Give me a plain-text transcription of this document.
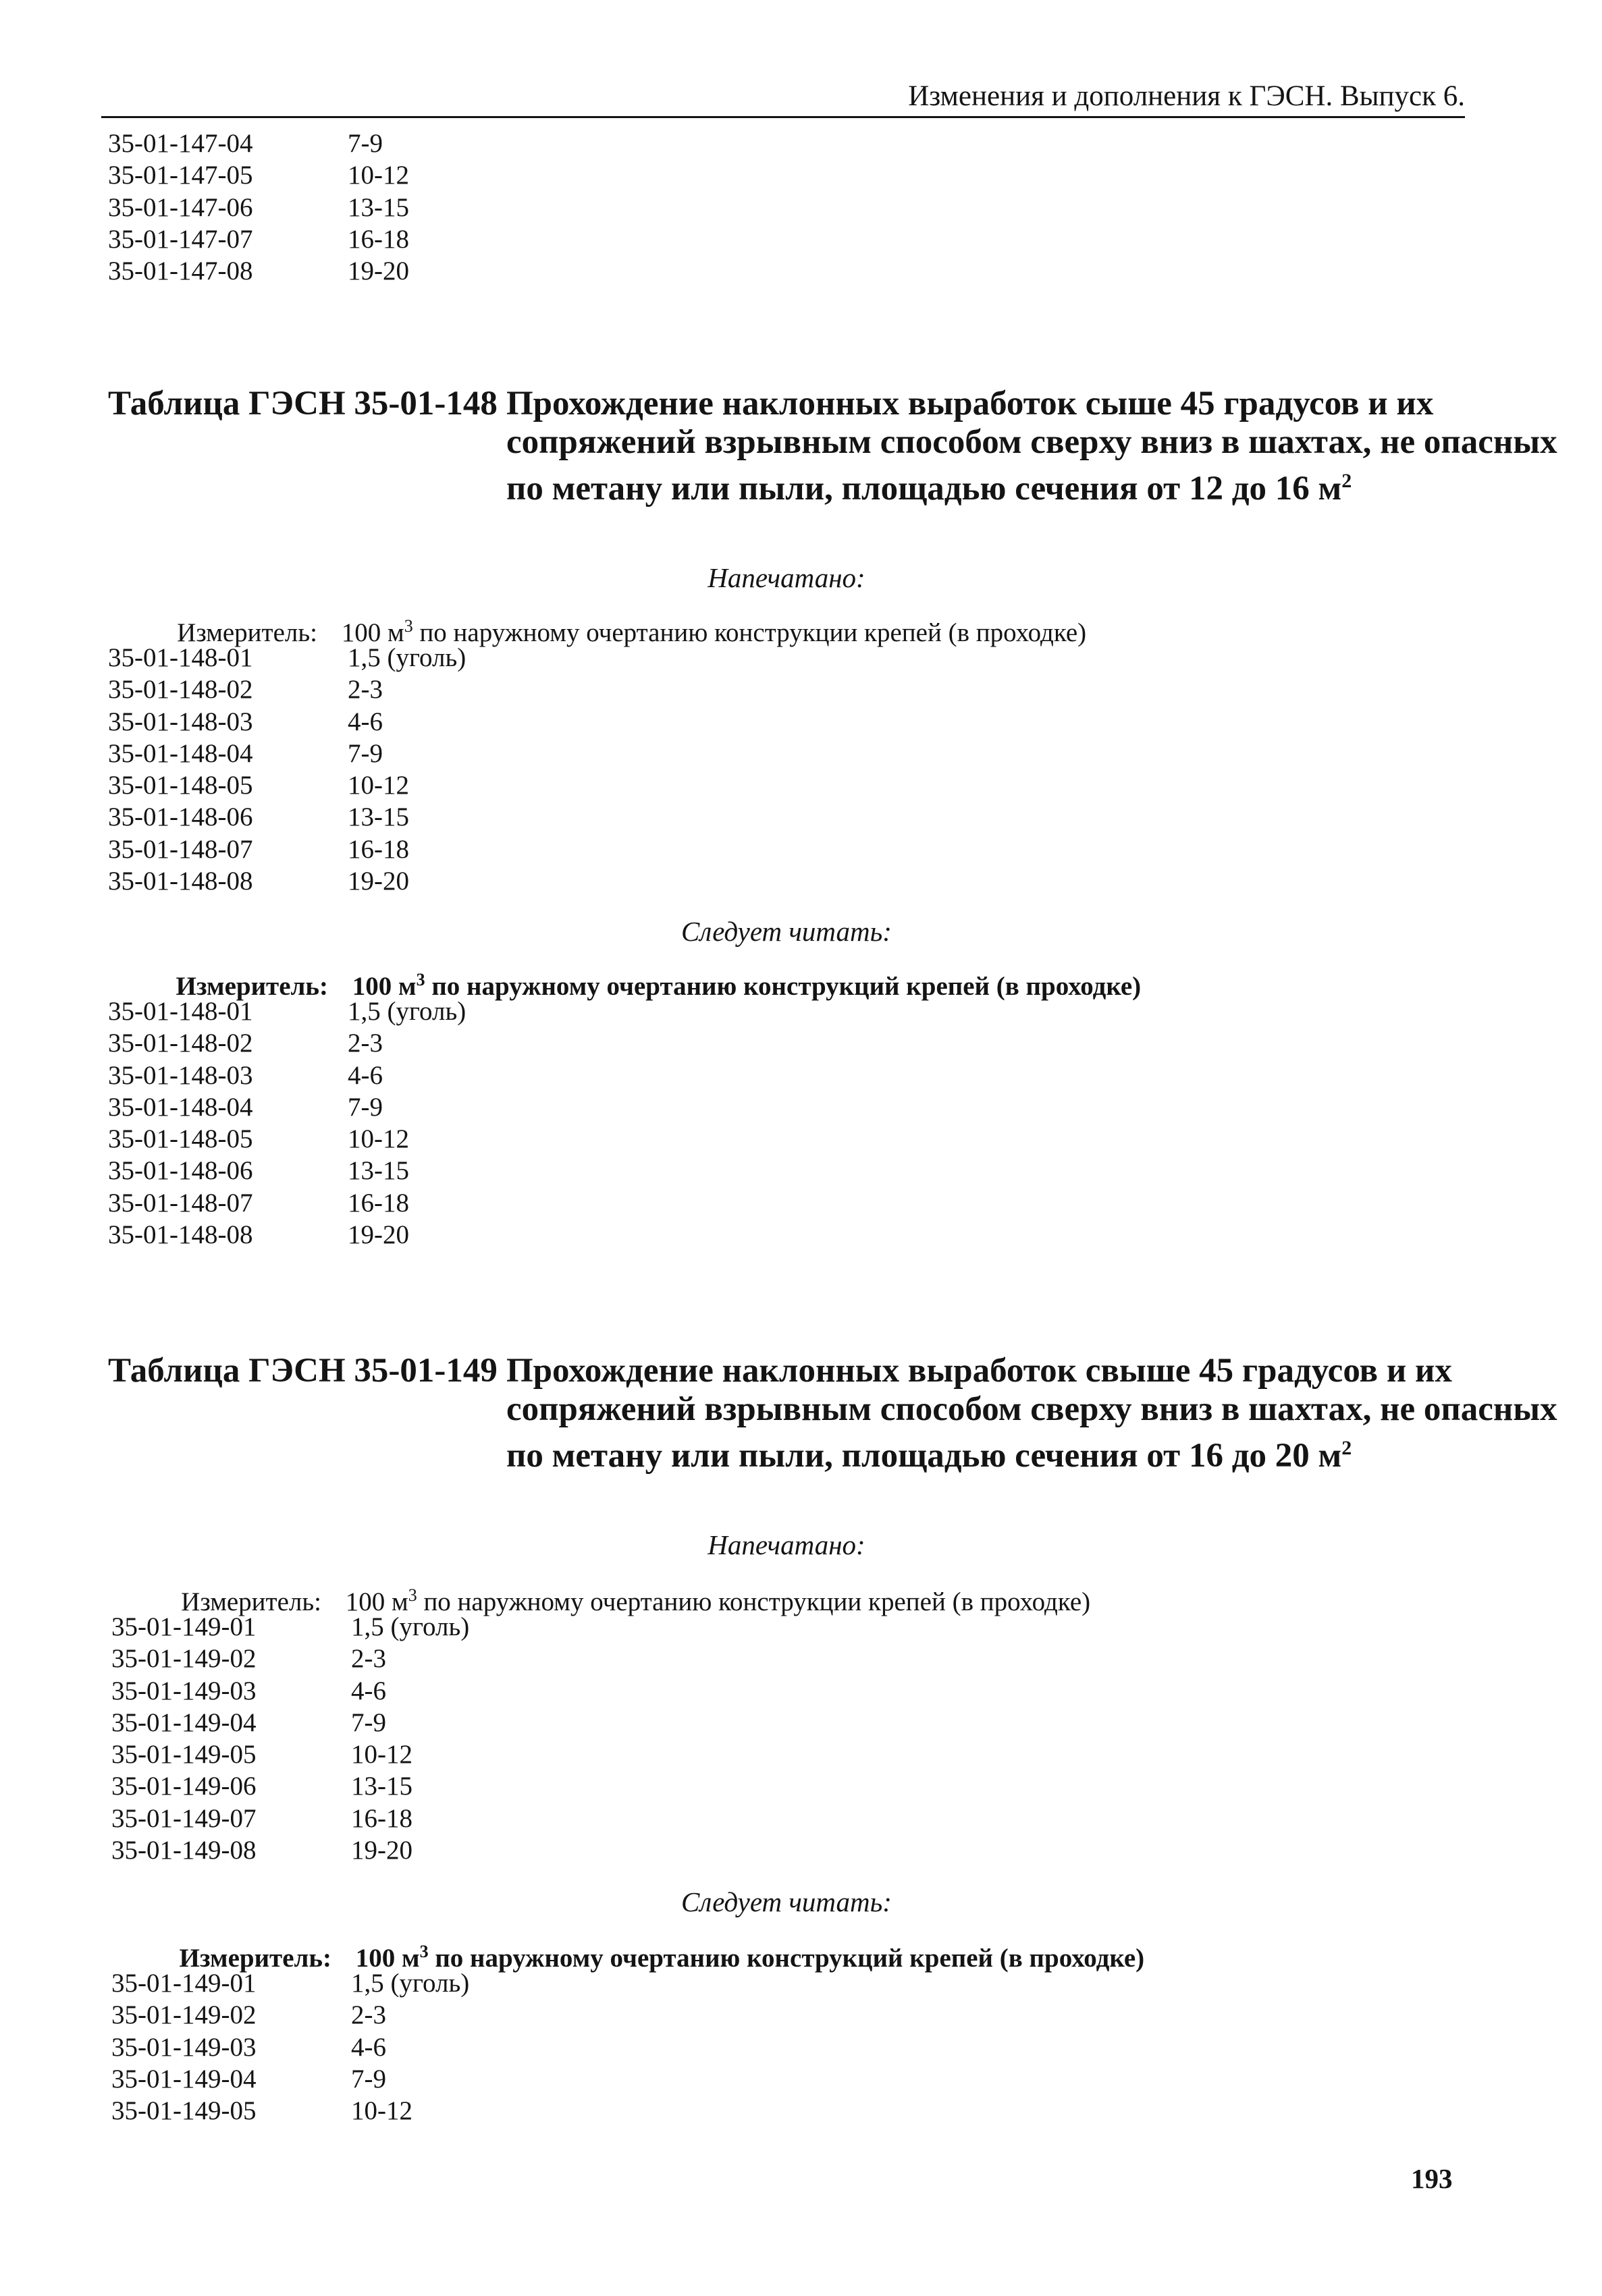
Изменения и дополнения к ГЭСН. Выпуск 6.
35-01-147-04	7-9
35-01-147-05	10-12
35-01-147-06	13-15
35-01-147-07	16-18
35-01-147-08	19-20
Таблица ГЭСН 35-01-148 Прохождение наклонных выработок сыше 45 градусов и их сопряжений взрывным способом сверху вниз в шахтах, не опасных по метану или пыли, площадью сечения от 12 до 16 $м^2$
Напечатано:
Измеритель: 100 $м^3$ по наружному очертанию конструкции крепей (в проходке)
35-01-148-01	1,5 (уголь)
35-01-148-02	2-3
35-01-148-03	4-6
35-01-148-04	7-9
35-01-148-05	10-12
35-01-148-06	13-15
35-01-148-07	16-18
35-01-148-08	19-20
Следует читать:
Измеритель: 100 $м^3$ по наружному очертанию конструкций крепей (в проходке)
35-01-148-01	1,5 (уголь)
35-01-148-02	2-3
35-01-148-03	4-6
35-01-148-04	7-9
35-01-148-05	10-12
35-01-148-06	13-15
35-01-148-07	16-18
35-01-148-08	19-20
Таблица ГЭСН 35-01-149 Прохождение наклонных выработок свыше 45 градусов и их сопряжений взрывным способом сверху вниз в шахтах, не опасных по метану или пыли, площадью сечения от 16 до 20 $м^2$
Напечатано:
Измеритель: 100 $м^3$ по наружному очертанию конструкции крепей (в проходке)
35-01-149-01	1,5 (уголь)
35-01-149-02	2-3
35-01-149-03	4-6
35-01-149-04	7-9
35-01-149-05	10-12
35-01-149-06	13-15
35-01-149-07	16-18
35-01-149-08	19-20
Следует читать:
Измеритель: 100 $м^3$ по наружному очертанию конструкций крепей (в проходке)
35-01-149-01	1,5 (уголь)
35-01-149-02	2-3
35-01-149-03	4-6
35-01-149-04	7-9
35-01-149-05	10-12
193
